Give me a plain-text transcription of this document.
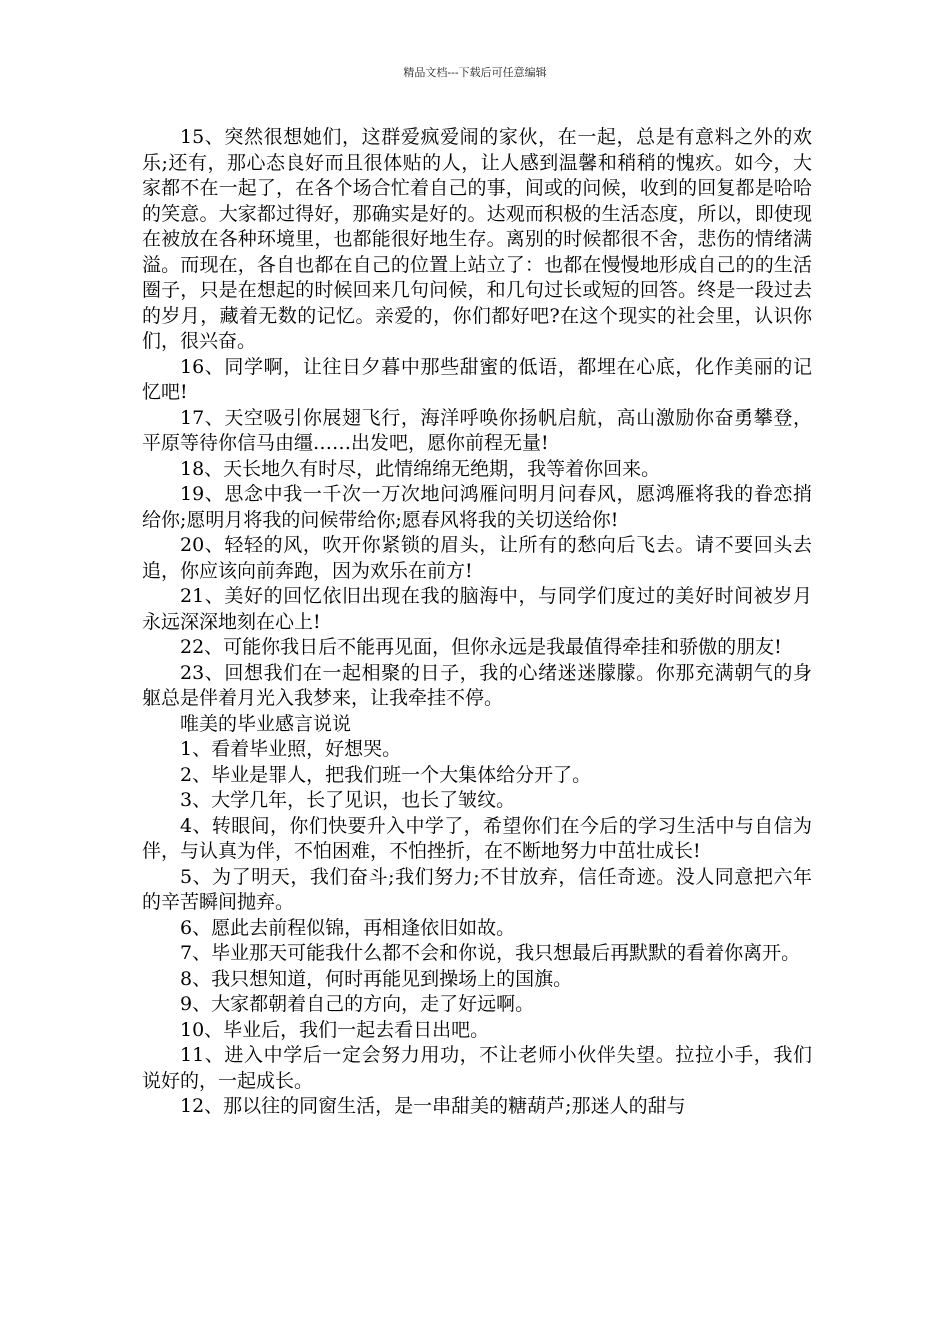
精品文档---下载后可任意编辑

15、突然很想她们，这群爱疯爱闹的家伙，在一起，总是有意料之外的欢乐;还有，那心态良好而且很体贴的人，让人感到温馨和稍稍的愧疚。如今，大家都不在一起了，在各个场合忙着自己的事，间或的问候，收到的回复都是哈哈的笑意。大家都过得好，那确实是好的。达观而积极的生活态度，所以，即使现在被放在各种环境里，也都能很好地生存。离别的时候都很不舍，悲伤的情绪满溢。而现在，各自也都在自己的位置上站立了：也都在慢慢地形成自己的的生活圈子，只是在想起的时候回来几句问候，和几句过长或短的回答。终是一段过去的岁月，藏着无数的记忆。亲爱的，你们都好吧?在这个现实的社会里，认识你们，很兴奋。

16、同学啊，让往日夕暮中那些甜蜜的低语，都埋在心底，化作美丽的记忆吧!

17、天空吸引你展翅飞行，海洋呼唤你扬帆启航，高山激励你奋勇攀登，平原等待你信马由缰……出发吧，愿你前程无量!

18、天长地久有时尽，此情绵绵无绝期，我等着你回来。

19、思念中我一千次一万次地问鸿雁问明月问春风，愿鸿雁将我的眷恋捎给你;愿明月将我的问候带给你;愿春风将我的关切送给你!

20、轻轻的风，吹开你紧锁的眉头，让所有的愁向后飞去。请不要回头去追，你应该向前奔跑，因为欢乐在前方!

21、美好的回忆依旧出现在我的脑海中，与同学们度过的美好时间被岁月永远深深地刻在心上!

22、可能你我日后不能再见面，但你永远是我最值得牵挂和骄傲的朋友!

23、回想我们在一起相聚的日子，我的心绪迷迷朦朦。你那充满朝气的身躯总是伴着月光入我梦来，让我牵挂不停。

唯美的毕业感言说说

1、看着毕业照，好想哭。

2、毕业是罪人，把我们班一个大集体给分开了。

3、大学几年，长了见识，也长了皱纹。

4、转眼间，你们快要升入中学了，希望你们在今后的学习生活中与自信为伴，与认真为伴，不怕困难，不怕挫折，在不断地努力中茁壮成长!

5、为了明天，我们奋斗;我们努力;不甘放弃，信任奇迹。没人同意把六年的辛苦瞬间抛弃。

6、愿此去前程似锦，再相逢依旧如故。

7、毕业那天可能我什么都不会和你说，我只想最后再默默的看着你离开。

8、我只想知道，何时再能见到操场上的国旗。

9、大家都朝着自己的方向，走了好远啊。

10、毕业后，我们一起去看日出吧。

11、进入中学后一定会努力用功，不让老师小伙伴失望。拉拉小手，我们说好的，一起成长。

12、那以往的同窗生活，是一串甜美的糖葫芦;那迷人的甜与
